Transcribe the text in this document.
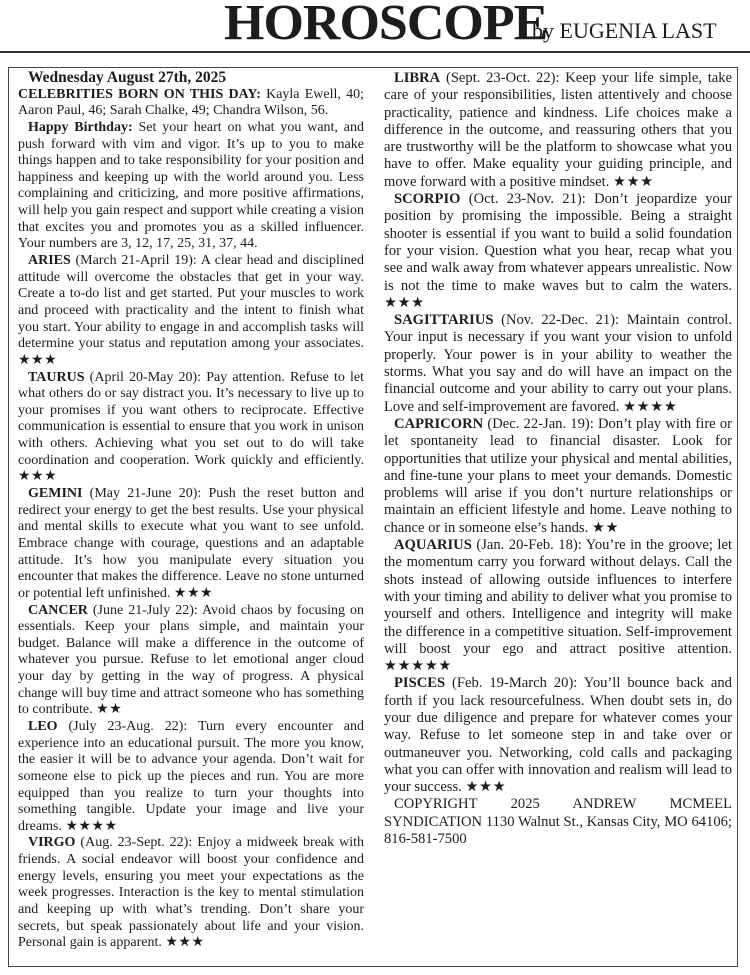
HOROSCOPE
by EUGENIA LAST

Wednesday August 27th, 2025

CELEBRITIES BORN ON THIS DAY: Kayla Ewell, 40; Aaron Paul, 46; Sarah Chalke, 49; Chandra Wilson, 56.

Happy Birthday: Set your heart on what you want, and push forward with vim and vigor. It’s up to you to make things happen and to take responsibility for your position and happiness and keeping up with the world around you. Less complaining and criticizing, and more positive affirmations, will help you gain respect and support while creating a vision that excites you and promotes you as a skilled influencer. Your numbers are 3, 12, 17, 25, 31, 37, 44.

ARIES (March 21-April 19): A clear head and disciplined attitude will overcome the obstacles that get in your way. Create a to-do list and get started. Put your muscles to work and proceed with practicality and the intent to finish what you start. Your ability to engage in and accomplish tasks will determine your status and reputation among your associates. ★★★

TAURUS (April 20-May 20): Pay attention. Refuse to let what others do or say distract you. It’s necessary to live up to your promises if you want others to reciprocate. Effective communication is essential to ensure that you work in unison with others. Achieving what you set out to do will take coordination and cooperation. Work quickly and efficiently. ★★★

GEMINI (May 21-June 20): Push the reset button and redirect your energy to get the best results. Use your physical and mental skills to execute what you want to see unfold. Embrace change with courage, questions and an adaptable attitude. It’s how you manipulate every situation you encounter that makes the difference. Leave no stone unturned or potential left unfinished. ★★★

CANCER (June 21-July 22): Avoid chaos by focusing on essentials. Keep your plans simple, and maintain your budget. Balance will make a difference in the outcome of whatever you pursue. Refuse to let emotional anger cloud your day by getting in the way of progress. A physical change will buy time and attract someone who has something to contribute. ★★

LEO (July 23-Aug. 22): Turn every encounter and experience into an educational pursuit. The more you know, the easier it will be to advance your agenda. Don’t wait for someone else to pick up the pieces and run. You are more equipped than you realize to turn your thoughts into something tangible. Update your image and live your dreams. ★★★★

VIRGO (Aug. 23-Sept. 22): Enjoy a midweek break with friends. A social endeavor will boost your confidence and energy levels, ensuring you meet your expectations as the week progresses. Interaction is the key to mental stimulation and keeping up with what’s trending. Don’t share your secrets, but speak passionately about life and your vision. Personal gain is apparent. ★★★

LIBRA (Sept. 23-Oct. 22): Keep your life simple, take care of your responsibilities, listen attentively and choose practicality, patience and kindness. Life choices make a difference in the outcome, and reassuring others that you are trustworthy will be the platform to showcase what you have to offer. Make equality your guiding principle, and move forward with a positive mindset. ★★★

SCORPIO (Oct. 23-Nov. 21): Don’t jeopardize your position by promising the impossible. Being a straight shooter is essential if you want to build a solid foundation for your vision. Question what you hear, recap what you see and walk away from whatever appears unrealistic. Now is not the time to make waves but to calm the waters. ★★★

SAGITTARIUS (Nov. 22-Dec. 21): Maintain control. Your input is necessary if you want your vision to unfold properly. Your power is in your ability to weather the storms. What you say and do will have an impact on the financial outcome and your ability to carry out your plans. Love and self-improvement are favored. ★★★★

CAPRICORN (Dec. 22-Jan. 19): Don’t play with fire or let spontaneity lead to financial disaster. Look for opportunities that utilize your physical and mental abilities, and fine-tune your plans to meet your demands. Domestic problems will arise if you don’t nurture relationships or maintain an efficient lifestyle and home. Leave nothing to chance or in someone else’s hands. ★★

AQUARIUS (Jan. 20-Feb. 18): You’re in the groove; let the momentum carry you forward without delays. Call the shots instead of allowing outside influences to interfere with your timing and ability to deliver what you promise to yourself and others. Intelligence and integrity will make the difference in a competitive situation. Self-improvement will boost your ego and attract positive attention. ★★★★★

PISCES (Feb. 19-March 20): You’ll bounce back and forth if you lack resourcefulness. When doubt sets in, do your due diligence and prepare for whatever comes your way. Refuse to let someone step in and take over or outmaneuver you. Networking, cold calls and packaging what you can offer with innovation and realism will lead to your success. ★★★

COPYRIGHT 2025 ANDREW MCMEEL SYNDICATION 1130 Walnut St., Kansas City, MO 64106; 816-581-7500
